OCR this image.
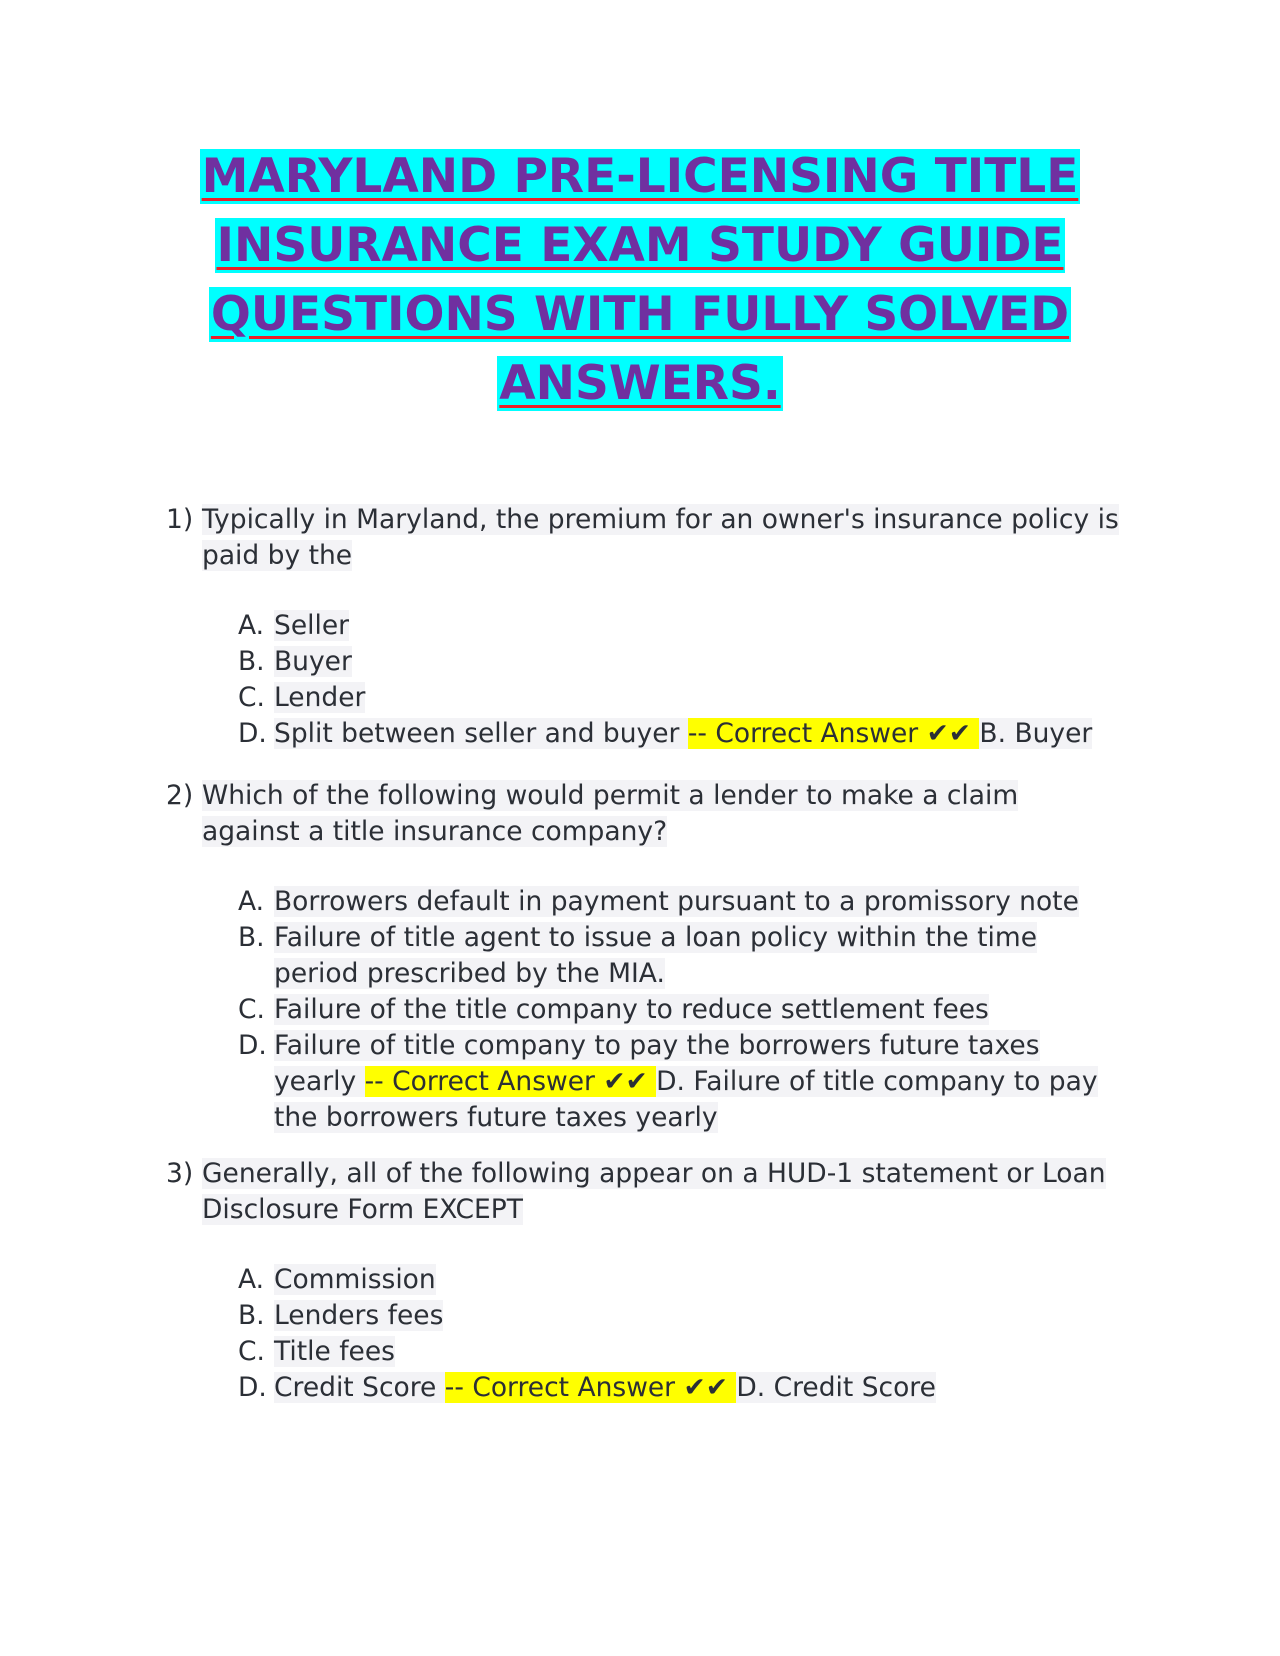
MARYLAND PRE-LICENSING TITLE
INSURANCE EXAM STUDY GUIDE
QUESTIONS WITH FULLY SOLVED
ANSWERS.
1) Typically in Maryland, the premium for an owner's insurance policy is paid by the
A. Seller
B. Buyer
C. Lender
D. Split between seller and buyer -- Correct Answer ✔✔ B. Buyer
2) Which of the following would permit a lender to make a claim against a title insurance company?
A. Borrowers default in payment pursuant to a promissory note
B. Failure of title agent to issue a loan policy within the time period prescribed by the MIA.
C. Failure of the title company to reduce settlement fees
D. Failure of title company to pay the borrowers future taxes yearly -- Correct Answer ✔✔ D. Failure of title company to pay the borrowers future taxes yearly
3) Generally, all of the following appear on a HUD-1 statement or Loan Disclosure Form EXCEPT
A. Commission
B. Lenders fees
C. Title fees
D. Credit Score -- Correct Answer ✔✔ D. Credit Score
